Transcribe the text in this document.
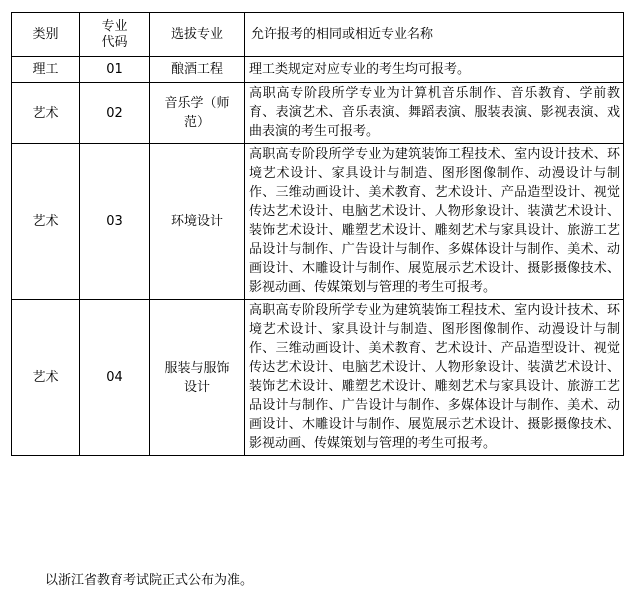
类别	专业代码	选拔专业	允许报考的相同或相近专业名称
理工	01	酿酒工程	理工类规定对应专业的考生均可报考。
艺术	02	音乐学（师范）	高职高专阶段所学专业为计算机音乐制作、音乐教育、学前教育、表演艺术、音乐表演、舞蹈表演、服装表演、影视表演、戏曲表演的考生可报考。
艺术	03	环境设计	高职高专阶段所学专业为建筑装饰工程技术、室内设计技术、环境艺术设计、家具设计与制造、图形图像制作、动漫设计与制作、三维动画设计、美术教育、艺术设计、产品造型设计、视觉传达艺术设计、电脑艺术设计、人物形象设计、装潢艺术设计、装饰艺术设计、雕塑艺术设计、雕刻艺术与家具设计、旅游工艺品设计与制作、广告设计与制作、多媒体设计与制作、美术、动画设计、木雕设计与制作、展览展示艺术设计、摄影摄像技术、影视动画、传媒策划与管理的考生可报考。
艺术	04	服装与服饰设计	高职高专阶段所学专业为建筑装饰工程技术、室内设计技术、环境艺术设计、家具设计与制造、图形图像制作、动漫设计与制作、三维动画设计、美术教育、艺术设计、产品造型设计、视觉传达艺术设计、电脑艺术设计、人物形象设计、装潢艺术设计、装饰艺术设计、雕塑艺术设计、雕刻艺术与家具设计、旅游工艺品设计与制作、广告设计与制作、多媒体设计与制作、美术、动画设计、木雕设计与制作、展览展示艺术设计、摄影摄像技术、影视动画、传媒策划与管理的考生可报考。
以浙江省教育考试院正式公布为准。
